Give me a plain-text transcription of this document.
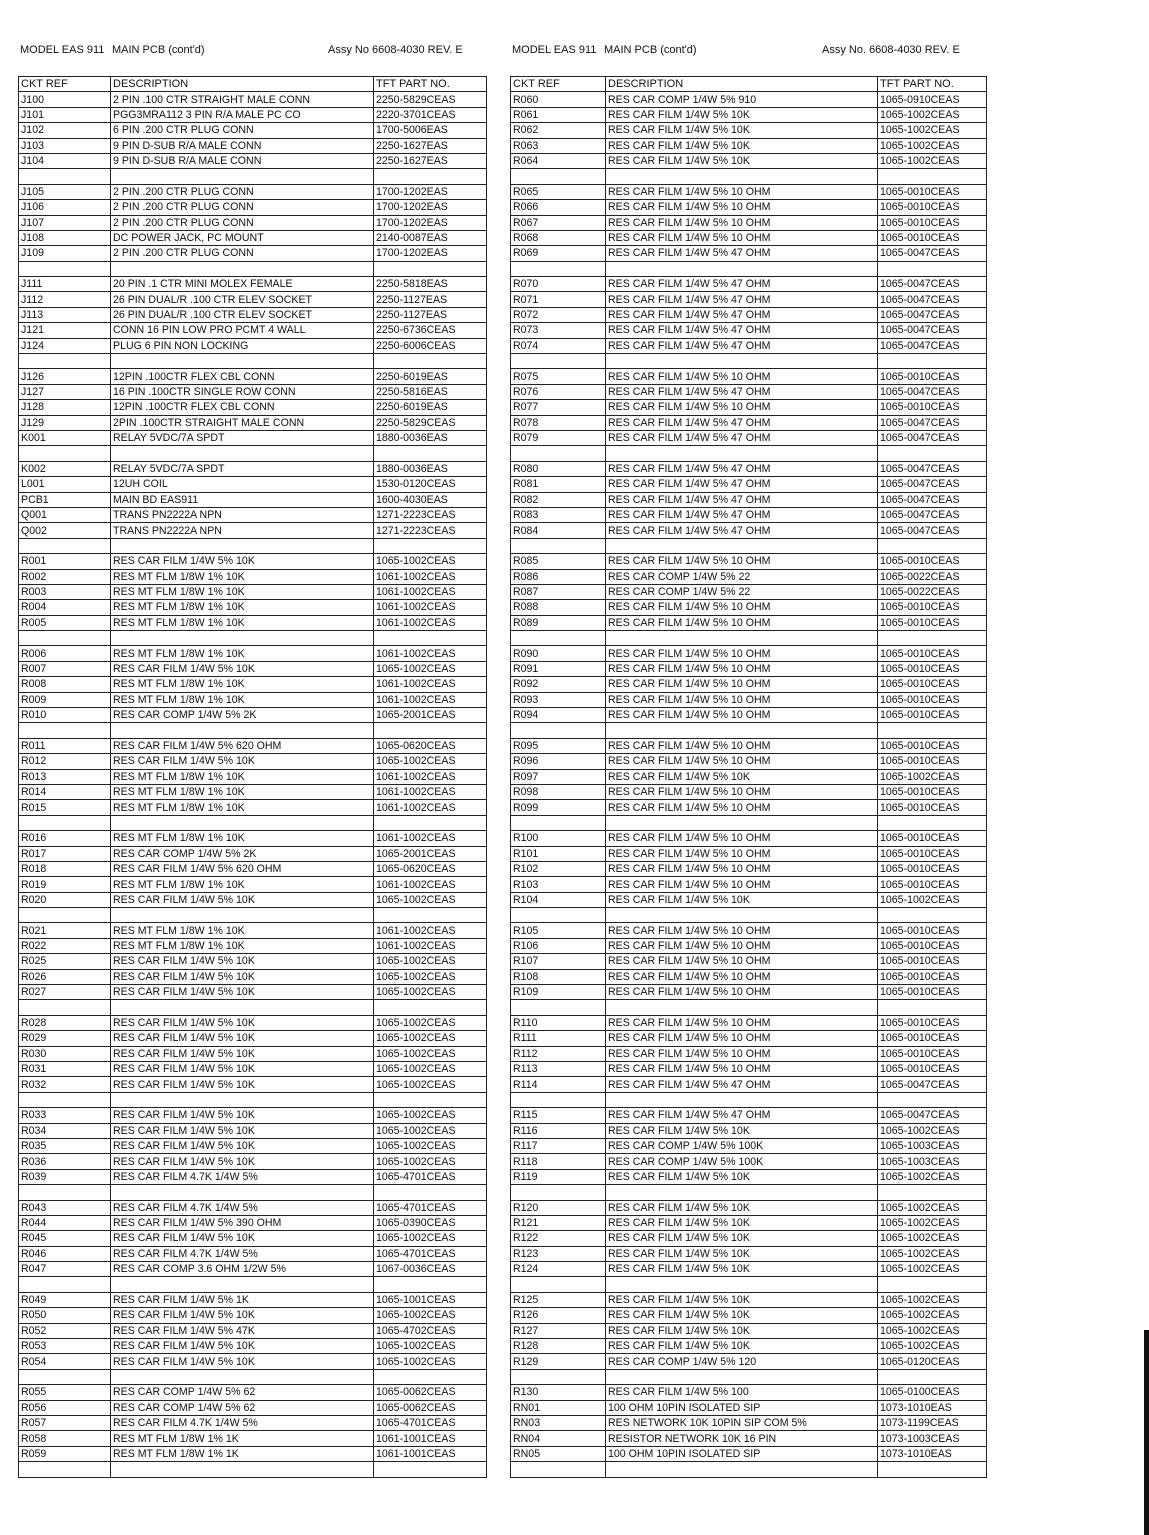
MODEL EAS 911 MAIN PCB (cont'd)	Assy No 6608-4030 REV. E	MODEL EAS 911 MAIN PCB (cont'd)	Assy No. 6608-4030 REV. E
CKT REF	DESCRIPTION	TFT PART NO.
J100	2 PIN .100 CTR STRAIGHT MALE CONN	2250-5829CEAS
J101	PGG3MRA112 3 PIN R/A MALE PC CO	2220-3701CEAS
J102	6 PIN .200 CTR PLUG CONN	1700-5006EAS
J103	9 PIN D-SUB R/A MALE CONN	2250-1627EAS
J104	9 PIN D-SUB R/A MALE CONN	2250-1627EAS

J105	2 PIN .200 CTR PLUG CONN	1700-1202EAS
J106	2 PIN .200 CTR PLUG CONN	1700-1202EAS
J107	2 PIN .200 CTR PLUG CONN	1700-1202EAS
J108	DC POWER JACK, PC MOUNT	2140-0087EAS
J109	2 PIN .200 CTR PLUG CONN	1700-1202EAS

J111	20 PIN .1 CTR MINI MOLEX FEMALE	2250-5818EAS
J112	26 PIN DUAL/R .100 CTR ELEV SOCKET	2250-1127EAS
J113	26 PIN DUAL/R .100 CTR ELEV SOCKET	2250-1127EAS
J121	CONN 16 PIN LOW PRO PCMT 4 WALL	2250-6736CEAS
J124	PLUG 6 PIN NON LOCKING	2250-6006CEAS

J126	12PIN .100CTR FLEX CBL CONN	2250-6019EAS
J127	16 PIN .100CTR SINGLE ROW CONN	2250-5816EAS
J128	12PIN .100CTR FLEX CBL CONN	2250-6019EAS
J129	2PIN .100CTR STRAIGHT MALE CONN	2250-5829CEAS
K001	RELAY 5VDC/7A SPDT	1880-0036EAS

K002	RELAY 5VDC/7A SPDT	1880-0036EAS
L001	12UH COIL	1530-0120CEAS
PCB1	MAIN BD EAS911	1600-4030EAS
Q001	TRANS PN2222A NPN	1271-2223CEAS
Q002	TRANS PN2222A NPN	1271-2223CEAS

R001	RES CAR FILM 1/4W 5% 10K	1065-1002CEAS
R002	RES MT FLM 1/8W 1% 10K	1061-1002CEAS
R003	RES MT FLM 1/8W 1% 10K	1061-1002CEAS
R004	RES MT FLM 1/8W 1% 10K	1061-1002CEAS
R005	RES MT FLM 1/8W 1% 10K	1061-1002CEAS

R006	RES MT FLM 1/8W 1% 10K	1061-1002CEAS
R007	RES CAR FILM 1/4W 5% 10K	1065-1002CEAS
R008	RES MT FLM 1/8W 1% 10K	1061-1002CEAS
R009	RES MT FLM 1/8W 1% 10K	1061-1002CEAS
R010	RES CAR COMP 1/4W 5% 2K	1065-2001CEAS

R011	RES CAR FILM 1/4W 5% 620 OHM	1065-0620CEAS
R012	RES CAR FILM 1/4W 5% 10K	1065-1002CEAS
R013	RES MT FLM 1/8W 1% 10K	1061-1002CEAS
R014	RES MT FLM 1/8W 1% 10K	1061-1002CEAS
R015	RES MT FLM 1/8W 1% 10K	1061-1002CEAS

R016	RES MT FLM 1/8W 1% 10K	1061-1002CEAS
R017	RES CAR COMP 1/4W 5% 2K	1065-2001CEAS
R018	RES CAR FILM 1/4W 5% 620 OHM	1065-0620CEAS
R019	RES MT FLM 1/8W 1% 10K	1061-1002CEAS
R020	RES CAR FILM 1/4W 5% 10K	1065-1002CEAS

R021	RES MT FLM 1/8W 1% 10K	1061-1002CEAS
R022	RES MT FLM 1/8W 1% 10K	1061-1002CEAS
R025	RES CAR FILM 1/4W 5% 10K	1065-1002CEAS
R026	RES CAR FILM 1/4W 5% 10K	1065-1002CEAS
R027	RES CAR FILM 1/4W 5% 10K	1065-1002CEAS

R028	RES CAR FILM 1/4W 5% 10K	1065-1002CEAS
R029	RES CAR FILM 1/4W 5% 10K	1065-1002CEAS
R030	RES CAR FILM 1/4W 5% 10K	1065-1002CEAS
R031	RES CAR FILM 1/4W 5% 10K	1065-1002CEAS
R032	RES CAR FILM 1/4W 5% 10K	1065-1002CEAS

R033	RES CAR FILM 1/4W 5% 10K	1065-1002CEAS
R034	RES CAR FILM 1/4W 5% 10K	1065-1002CEAS
R035	RES CAR FILM 1/4W 5% 10K	1065-1002CEAS
R036	RES CAR FILM 1/4W 5% 10K	1065-1002CEAS
R039	RES CAR FILM 4.7K 1/4W 5%	1065-4701CEAS

R043	RES CAR FILM 4.7K 1/4W 5%	1065-4701CEAS
R044	RES CAR FILM 1/4W 5% 390 OHM	1065-0390CEAS
R045	RES CAR FILM 1/4W 5% 10K	1065-1002CEAS
R046	RES CAR FILM 4.7K 1/4W 5%	1065-4701CEAS
R047	RES CAR COMP 3.6 OHM 1/2W 5%	1067-0036CEAS

R049	RES CAR FILM 1/4W 5% 1K	1065-1001CEAS
R050	RES CAR FILM 1/4W 5% 10K	1065-1002CEAS
R052	RES CAR FILM 1/4W 5% 47K	1065-4702CEAS
R053	RES CAR FILM 1/4W 5% 10K	1065-1002CEAS
R054	RES CAR FILM 1/4W 5% 10K	1065-1002CEAS

R055	RES CAR COMP 1/4W 5% 62	1065-0062CEAS
R056	RES CAR COMP 1/4W 5% 62	1065-0062CEAS
R057	RES CAR FILM 4.7K 1/4W 5%	1065-4701CEAS
R058	RES MT FLM 1/8W 1% 1K	1061-1001CEAS
R059	RES MT FLM 1/8W 1% 1K	1061-1001CEAS

CKT REF	DESCRIPTION	TFT PART NO.
R060	RES CAR COMP 1/4W 5% 910	1065-0910CEAS
R061	RES CAR FILM 1/4W 5% 10K	1065-1002CEAS
R062	RES CAR FILM 1/4W 5% 10K	1065-1002CEAS
R063	RES CAR FILM 1/4W 5% 10K	1065-1002CEAS
R064	RES CAR FILM 1/4W 5% 10K	1065-1002CEAS

R065	RES CAR FILM 1/4W 5% 10 OHM	1065-0010CEAS
R066	RES CAR FILM 1/4W 5% 10 OHM	1065-0010CEAS
R067	RES CAR FILM 1/4W 5% 10 OHM	1065-0010CEAS
R068	RES CAR FILM 1/4W 5% 10 OHM	1065-0010CEAS
R069	RES CAR FILM 1/4W 5% 47 OHM	1065-0047CEAS

R070	RES CAR FILM 1/4W 5% 47 OHM	1065-0047CEAS
R071	RES CAR FILM 1/4W 5% 47 OHM	1065-0047CEAS
R072	RES CAR FILM 1/4W 5% 47 OHM	1065-0047CEAS
R073	RES CAR FILM 1/4W 5% 47 OHM	1065-0047CEAS
R074	RES CAR FILM 1/4W 5% 47 OHM	1065-0047CEAS

R075	RES CAR FILM 1/4W 5% 10 OHM	1065-0010CEAS
R076	RES CAR FILM 1/4W 5% 47 OHM	1065-0047CEAS
R077	RES CAR FILM 1/4W 5% 10 OHM	1065-0010CEAS
R078	RES CAR FILM 1/4W 5% 47 OHM	1065-0047CEAS
R079	RES CAR FILM 1/4W 5% 47 OHM	1065-0047CEAS

R080	RES CAR FILM 1/4W 5% 47 OHM	1065-0047CEAS
R081	RES CAR FILM 1/4W 5% 47 OHM	1065-0047CEAS
R082	RES CAR FILM 1/4W 5% 47 OHM	1065-0047CEAS
R083	RES CAR FILM 1/4W 5% 47 OHM	1065-0047CEAS
R084	RES CAR FILM 1/4W 5% 47 OHM	1065-0047CEAS

R085	RES CAR FILM 1/4W 5% 10 OHM	1065-0010CEAS
R086	RES CAR COMP 1/4W 5% 22	1065-0022CEAS
R087	RES CAR COMP 1/4W 5% 22	1065-0022CEAS
R088	RES CAR FILM 1/4W 5% 10 OHM	1065-0010CEAS
R089	RES CAR FILM 1/4W 5% 10 OHM	1065-0010CEAS

R090	RES CAR FILM 1/4W 5% 10 OHM	1065-0010CEAS
R091	RES CAR FILM 1/4W 5% 10 OHM	1065-0010CEAS
R092	RES CAR FILM 1/4W 5% 10 OHM	1065-0010CEAS
R093	RES CAR FILM 1/4W 5% 10 OHM	1065-0010CEAS
R094	RES CAR FILM 1/4W 5% 10 OHM	1065-0010CEAS

R095	RES CAR FILM 1/4W 5% 10 OHM	1065-0010CEAS
R096	RES CAR FILM 1/4W 5% 10 OHM	1065-0010CEAS
R097	RES CAR FILM 1/4W 5% 10K	1065-1002CEAS
R098	RES CAR FILM 1/4W 5% 10 OHM	1065-0010CEAS
R099	RES CAR FILM 1/4W 5% 10 OHM	1065-0010CEAS

R100	RES CAR FILM 1/4W 5% 10 OHM	1065-0010CEAS
R101	RES CAR FILM 1/4W 5% 10 OHM	1065-0010CEAS
R102	RES CAR FILM 1/4W 5% 10 OHM	1065-0010CEAS
R103	RES CAR FILM 1/4W 5% 10 OHM	1065-0010CEAS
R104	RES CAR FILM 1/4W 5% 10K	1065-1002CEAS

R105	RES CAR FILM 1/4W 5% 10 OHM	1065-0010CEAS
R106	RES CAR FILM 1/4W 5% 10 OHM	1065-0010CEAS
R107	RES CAR FILM 1/4W 5% 10 OHM	1065-0010CEAS
R108	RES CAR FILM 1/4W 5% 10 OHM	1065-0010CEAS
R109	RES CAR FILM 1/4W 5% 10 OHM	1065-0010CEAS

R110	RES CAR FILM 1/4W 5% 10 OHM	1065-0010CEAS
R111	RES CAR FILM 1/4W 5% 10 OHM	1065-0010CEAS
R112	RES CAR FILM 1/4W 5% 10 OHM	1065-0010CEAS
R113	RES CAR FILM 1/4W 5% 10 OHM	1065-0010CEAS
R114	RES CAR FILM 1/4W 5% 47 OHM	1065-0047CEAS

R115	RES CAR FILM 1/4W 5% 47 OHM	1065-0047CEAS
R116	RES CAR FILM 1/4W 5% 10K	1065-1002CEAS
R117	RES CAR COMP 1/4W 5% 100K	1065-1003CEAS
R118	RES CAR COMP 1/4W 5% 100K	1065-1003CEAS
R119	RES CAR FILM 1/4W 5% 10K	1065-1002CEAS

R120	RES CAR FILM 1/4W 5% 10K	1065-1002CEAS
R121	RES CAR FILM 1/4W 5% 10K	1065-1002CEAS
R122	RES CAR FILM 1/4W 5% 10K	1065-1002CEAS
R123	RES CAR FILM 1/4W 5% 10K	1065-1002CEAS
R124	RES CAR FILM 1/4W 5% 10K	1065-1002CEAS

R125	RES CAR FILM 1/4W 5% 10K	1065-1002CEAS
R126	RES CAR FILM 1/4W 5% 10K	1065-1002CEAS
R127	RES CAR FILM 1/4W 5% 10K	1065-1002CEAS
R128	RES CAR FILM 1/4W 5% 10K	1065-1002CEAS
R129	RES CAR COMP 1/4W 5% 120	1065-0120CEAS

R130	RES CAR FILM 1/4W 5% 100	1065-0100CEAS
RN01	100 OHM 10PIN ISOLATED SIP	1073-1010EAS
RN03	RES NETWORK 10K 10PIN SIP COM 5%	1073-1199CEAS
RN04	RESISTOR NETWORK 10K 16 PIN	1073-1003CEAS
RN05	100 OHM 10PIN ISOLATED SIP	1073-1010EAS
